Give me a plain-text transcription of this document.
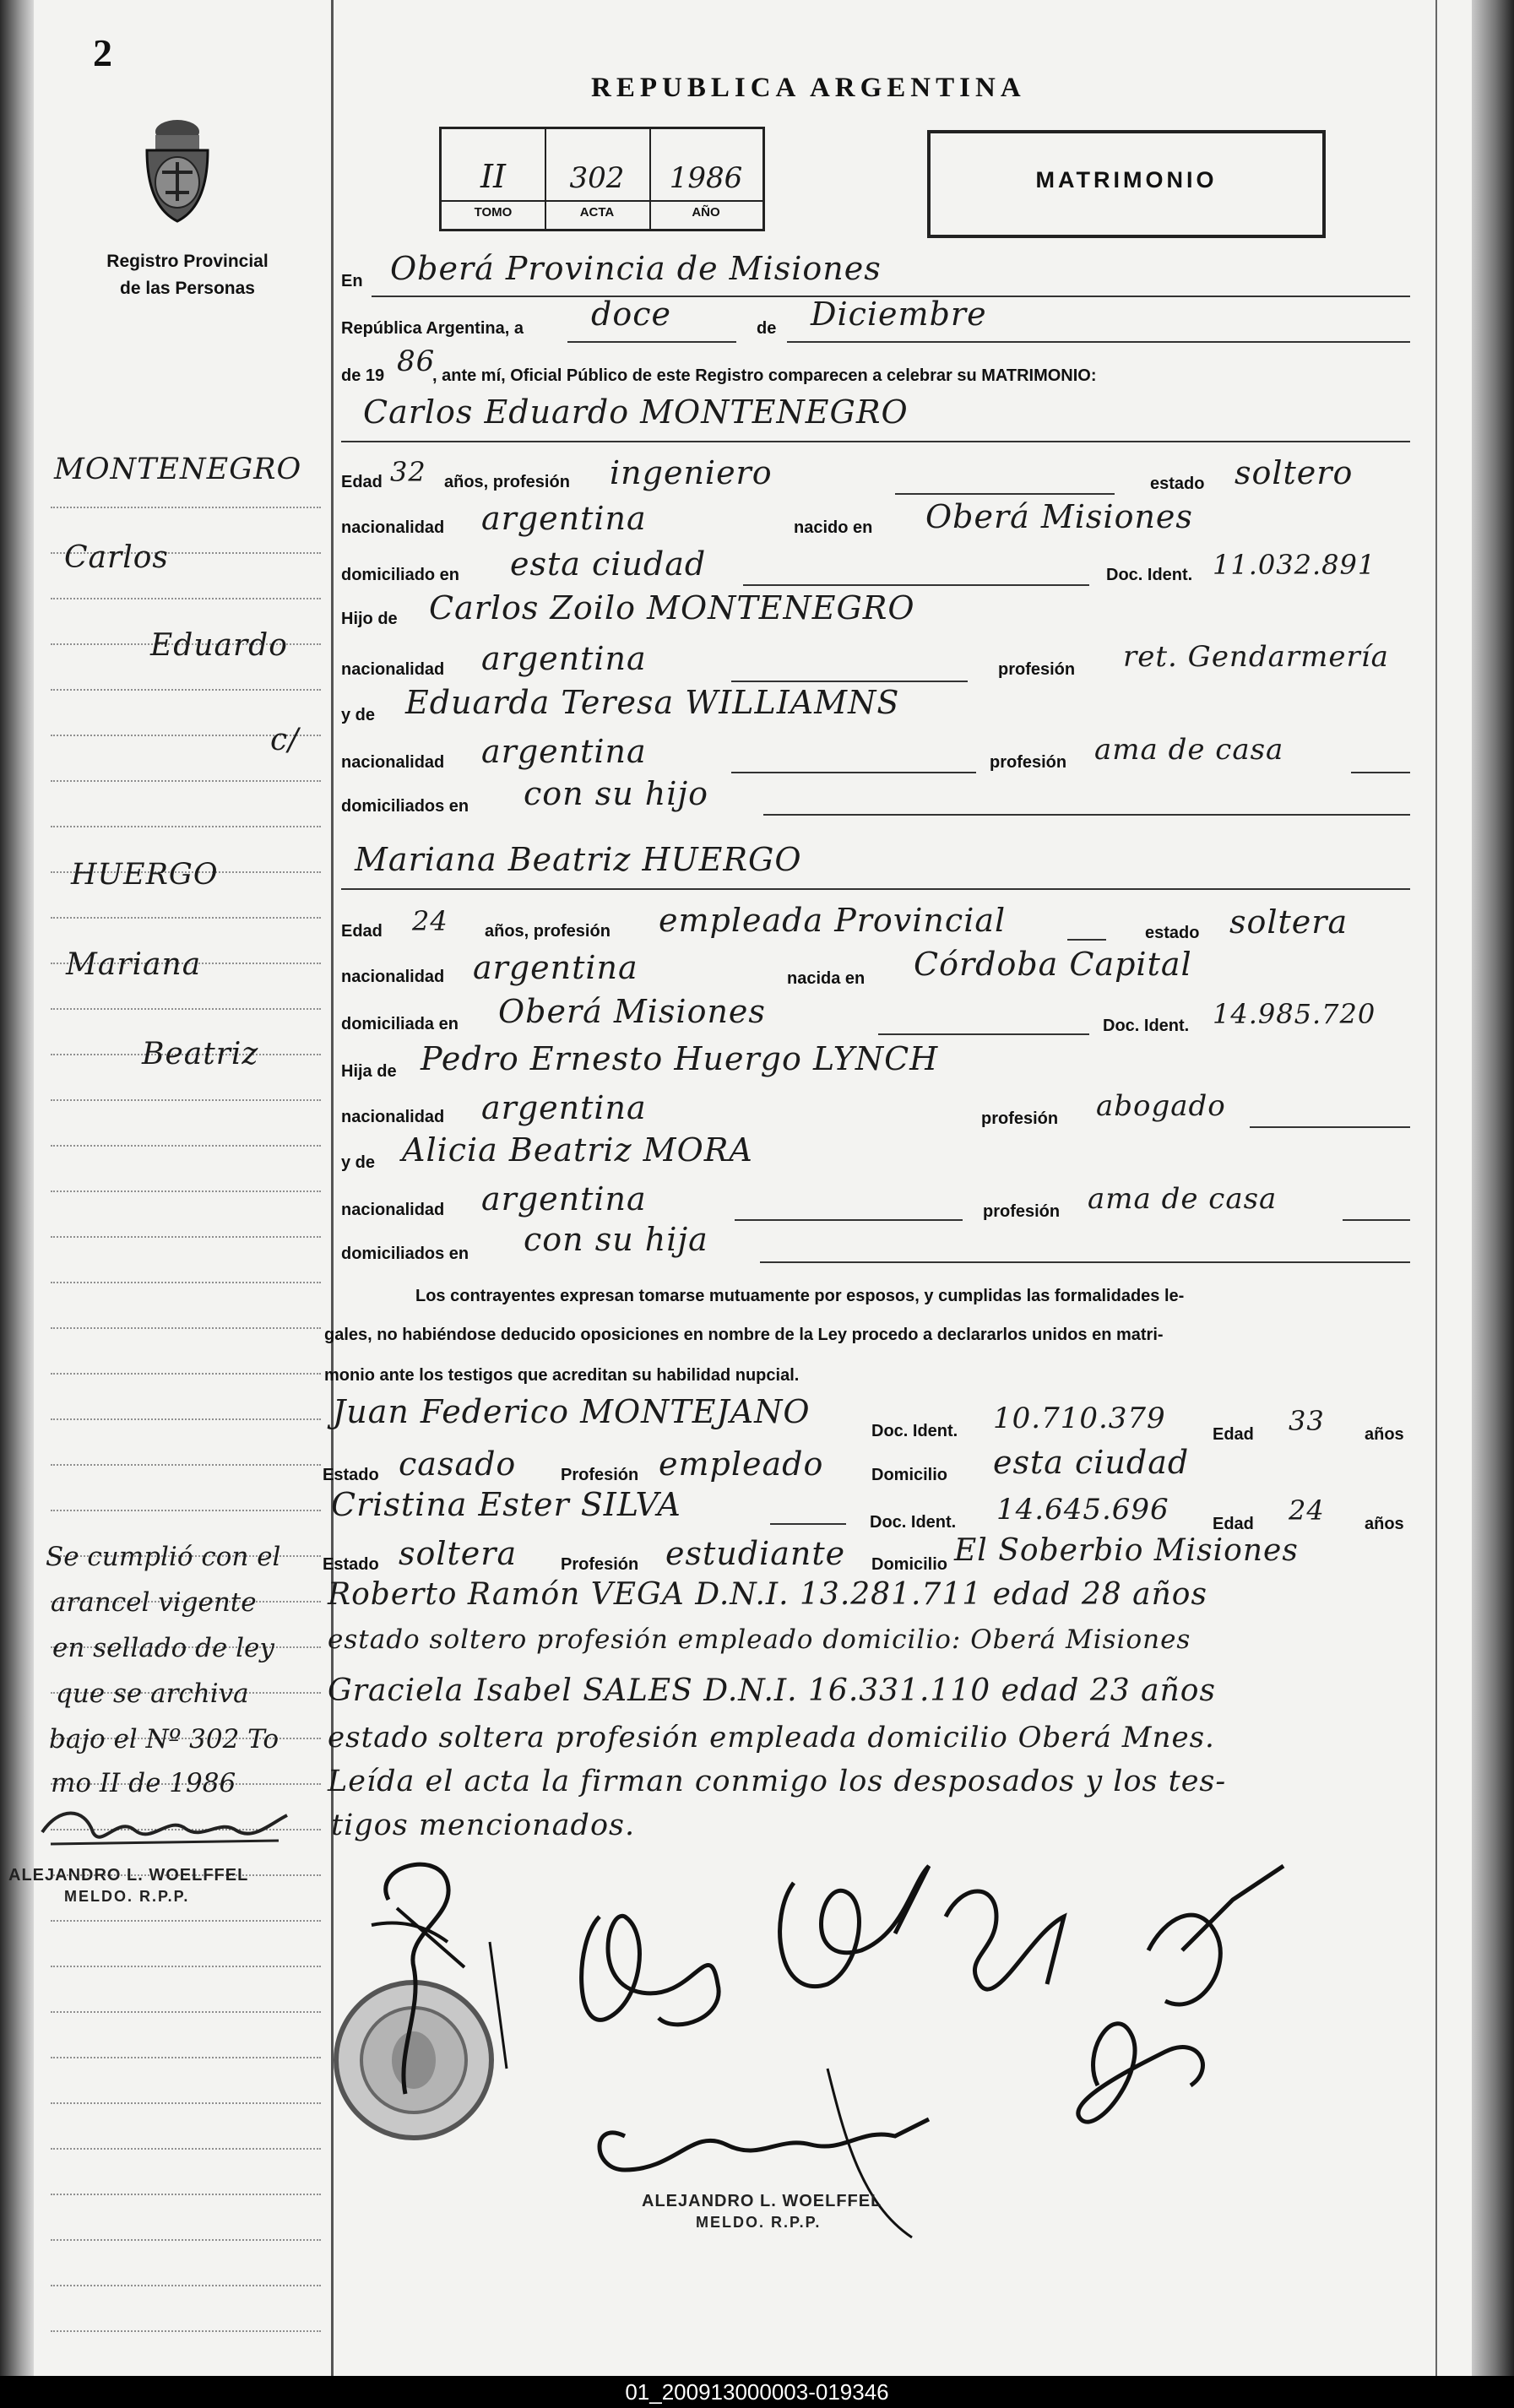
2
REPUBLICA ARGENTINA
Registro Provincial
de las Personas
II	302	1986
TOMO	ACTA	AÑO
MATRIMONIO
En Oberá Provincia de Misiones
República Argentina, a doce	de Diciembre
de 19 86
, ante mí, Oficial Público de este Registro comparecen a celebrar su MATRIMONIO:
Carlos Eduardo MONTENEGRO
Edad 32 años, profesión ingeniero	estado soltero
nacionalidad argentina	nacido en Oberá Misiones
domiciliado en esta ciudad	Doc. Ident. 11.032.891
Hijo de Carlos Zoilo MONTENEGRO
nacionalidad argentina	profesión ret. Gendarmería
y de Eduarda Teresa WILLIAMNS
nacionalidad argentina	profesión ama de casa
domiciliados en con su hijo
Mariana Beatriz HUERGO
Edad 24 años, profesión empleada Provincial	estado soltera
nacionalidad argentina	nacida en Córdoba Capital
domiciliada en Oberá Misiones	Doc. Ident. 14.985.720
Hija de Pedro Ernesto Huergo LYNCH
nacionalidad argentina	profesión abogado
y de Alicia Beatriz MORA
nacionalidad argentina	profesión ama de casa
domiciliados en con su hija
Los contrayentes expresan tomarse mutuamente por esposos, y cumplidas las formalidades le-
gales, no habiéndose deducido oposiciones en nombre de la Ley procedo a declararlos unidos en matri-
monio ante los testigos que acreditan su habilidad nupcial.
Juan Federico MONTEJANO
Doc. Ident. 10.710.379	Edad 33 años
Estado casado	Profesión empleado	Domicilio esta ciudad
Cristina Ester SILVA	Doc. Ident. 14.645.696	Edad 24 años
Estado soltera	Profesión estudiante Domicilio El Soberbio Misiones
Roberto Ramón VEGA D.N.I. 13.281.711 edad 28 años
estado soltero profesión empleado domicilio: Oberá Misiones
Graciela Isabel SALES D.N.I. 16.331.110 edad 23 años
estado soltera profesión empleada domicilio Oberá Mnes.
Leída el acta la firman conmigo los desposados y los tes-
tigos mencionados.
MONTENEGRO
Carlos
Eduardo
c/
HUERGO
Mariana
Beatriz
Se cumplió con el
arancel vigente
en sellado de ley
que se archiva
bajo el Nº 302 To
mo II de 1986
ALEJANDRO L. WOELFFEL
MELDO. R.P.P.
ALEJANDRO L. WOELFFEL
MELDO. R.P.P.
01_200913000003-019346
